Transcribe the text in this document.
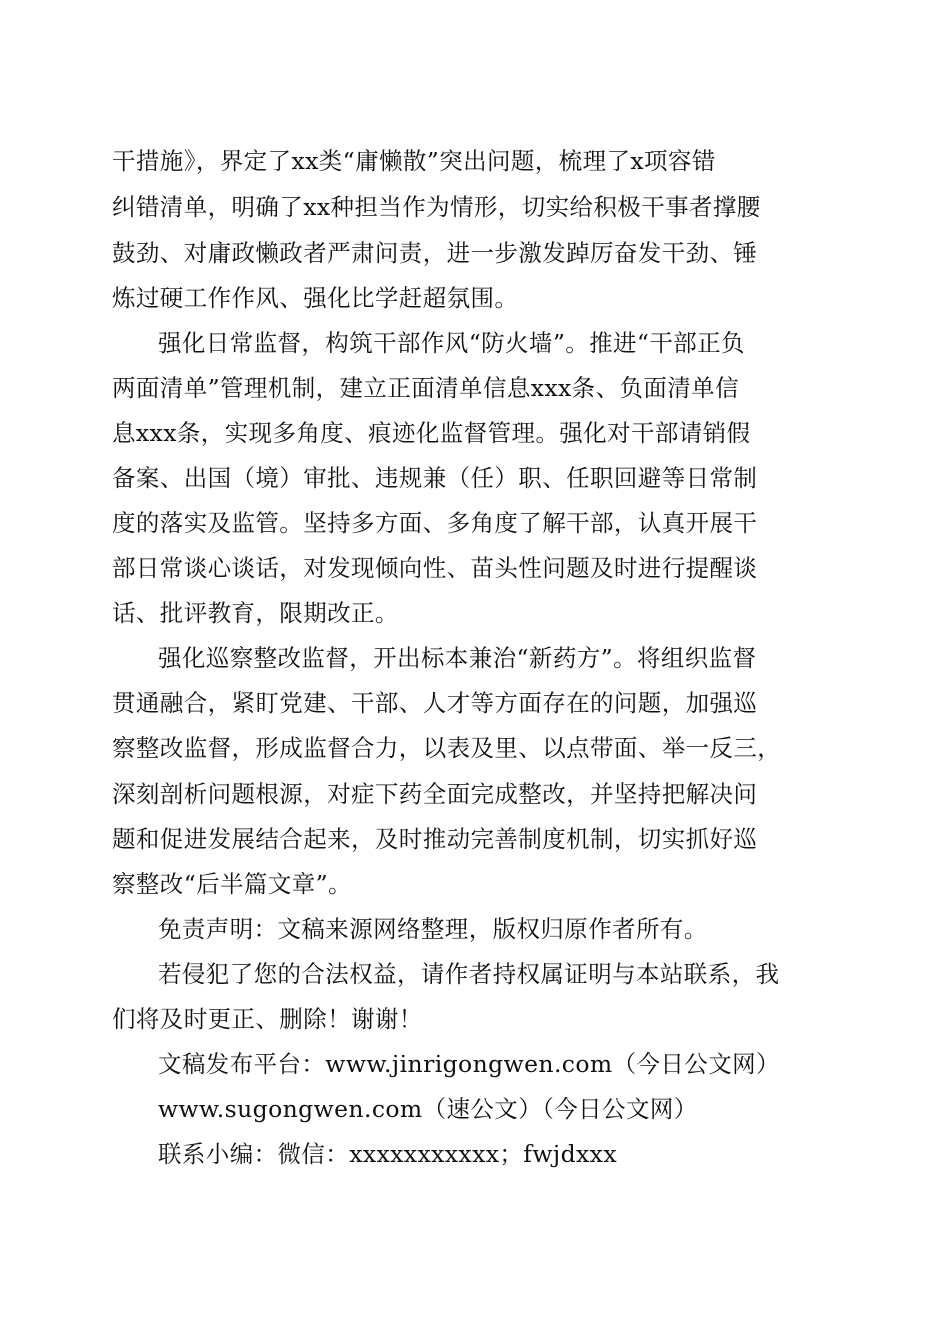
干措施》，界定了xx类“庸懒散”突出问题，梳理了x项容错
纠错清单，明确了xx种担当作为情形，切实给积极干事者撑腰
鼓劲、对庸政懒政者严肃问责，进一步激发踔厉奋发干劲、锤
炼过硬工作作风、强化比学赶超氛围。
强化日常监督，构筑干部作风“防火墙”。推进“干部正负
两面清单”管理机制，建立正面清单信息xxx条、负面清单信
息xxx条，实现多角度、痕迹化监督管理。强化对干部请销假
备案、出国（境）审批、违规兼（任）职、任职回避等日常制
度的落实及监管。坚持多方面、多角度了解干部，认真开展干
部日常谈心谈话，对发现倾向性、苗头性问题及时进行提醒谈
话、批评教育，限期改正。
强化巡察整改监督，开出标本兼治“新药方”。将组织监督
贯通融合，紧盯党建、干部、人才等方面存在的问题，加强巡
察整改监督，形成监督合力，以表及里、以点带面、举一反三，
深刻剖析问题根源，对症下药全面完成整改，并坚持把解决问
题和促进发展结合起来，及时推动完善制度机制，切实抓好巡
察整改“后半篇文章”。
免责声明：文稿来源网络整理，版权归原作者所有。
若侵犯了您的合法权益，请作者持权属证明与本站联系，我
们将及时更正、删除！谢谢！
文稿发布平台：www.jinrigongwen.com（今日公文网）
www.sugongwen.com（速公文）（今日公文网）
联系小编：微信：xxxxxxxxxxx；fwjdxxx
